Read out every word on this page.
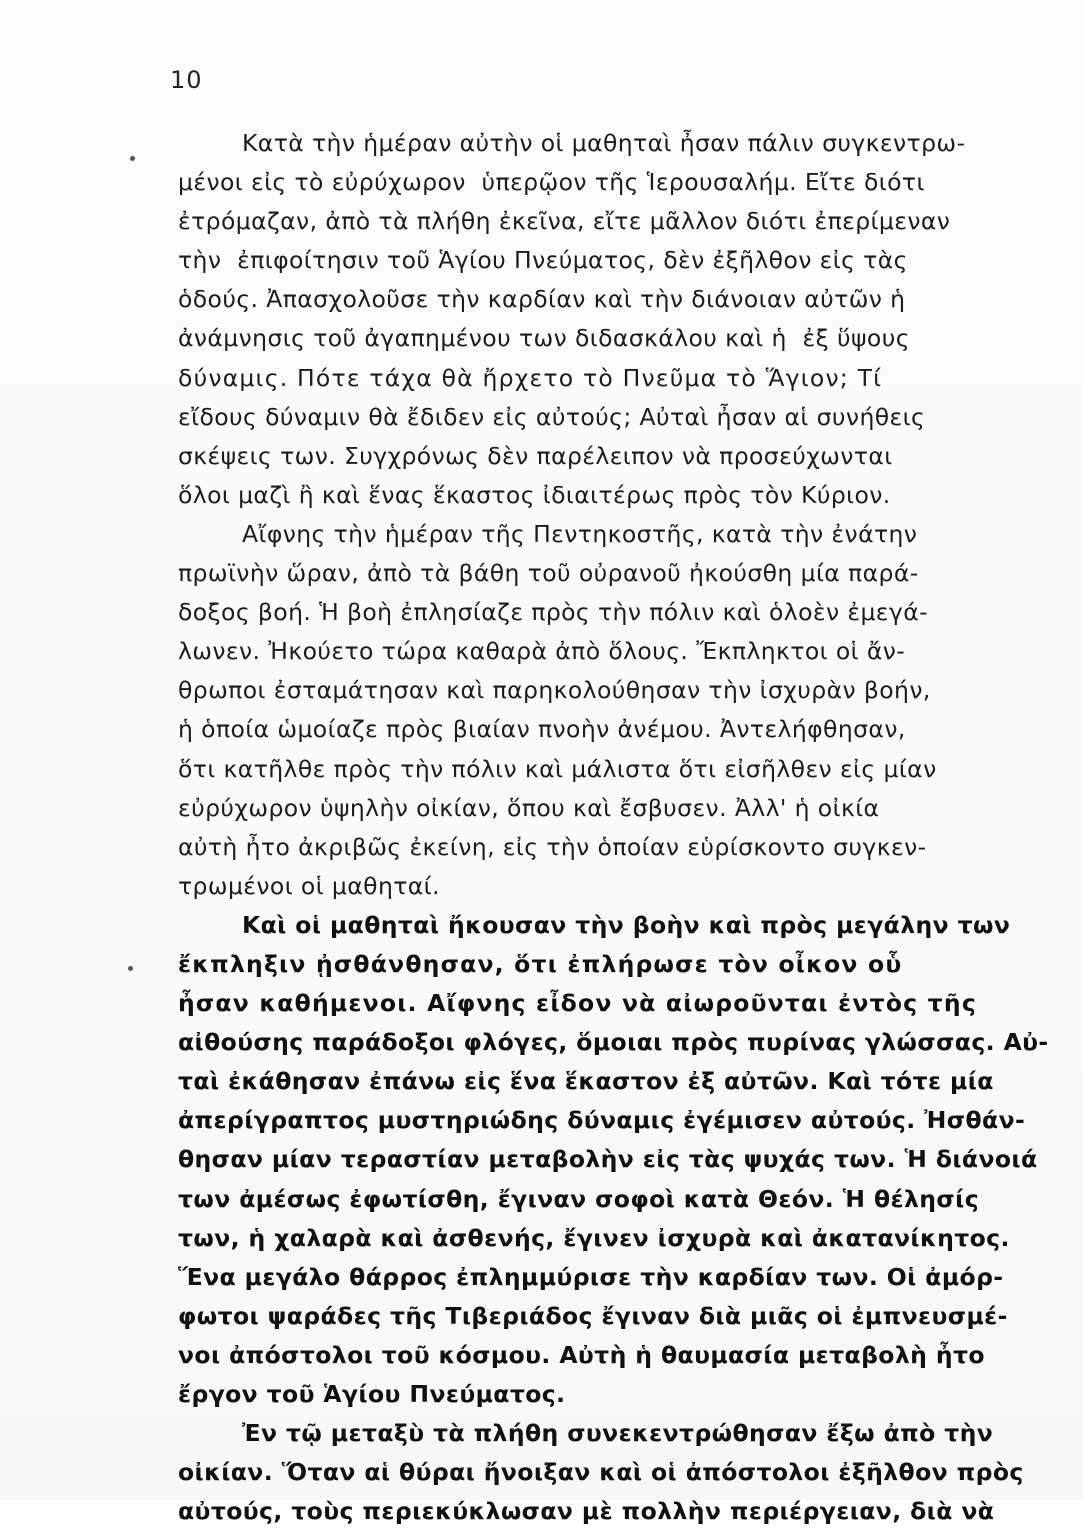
10
Κατὰ τὴν ἡμέραν αὐτὴν οἱ μαθηταὶ ἦσαν πάλιν συγκεντρω-
μένοι εἰς τὸ εὐρύχωρον  ὑπερῷον τῆς Ἱερουσαλήμ. Εἴτε διότι
ἐτρόμαζαν, ἀπὸ τὰ πλήθη ἐκεῖνα, εἴτε μᾶλλον διότι ἐπερίμεναν
τὴν  ἐπιφοίτησιν τοῦ Ἁγίου Πνεύματος, δὲν ἐξῆλθον εἰς τὰς
ὁδούς. Ἀπασχολοῦσε τὴν καρδίαν καὶ τὴν διάνοιαν αὐτῶν ἡ
ἀνάμνησις τοῦ ἀγαπημένου των διδασκάλου καὶ ἡ  ἐξ ὕψους
δύναμις. Πότε τάχα θὰ ἤρχετο τὸ Πνεῦμα τὸ Ἅγιον; Τί
εἴδους δύναμιν θὰ ἔδιδεν εἰς αὐτούς; Αὐταὶ ἦσαν αἱ συνήθεις
σκέψεις των. Συγχρόνως δὲν παρέλειπον νὰ προσεύχωνται
ὅλοι μαζὶ ἢ καὶ ἕνας ἕκαστος ἰδιαιτέρως πρὸς τὸν Κύριον.
Αἴφνης τὴν ἡμέραν τῆς Πεντηκοστῆς, κατὰ τὴν ἐνάτην
πρωϊνὴν ὥραν, ἀπὸ τὰ βάθη τοῦ οὐρανοῦ ἠκούσθη μία παρά-
δοξος βοή. Ἡ βοὴ ἐπλησίαζε πρὸς τὴν πόλιν καὶ ὁλοὲν ἐμεγά-
λωνεν. Ἠκούετο τώρα καθαρὰ ἀπὸ ὅλους. Ἔκπληκτοι οἱ ἄν-
θρωποι ἐσταμάτησαν καὶ παρηκολούθησαν τὴν ἰσχυρὰν βοήν,
ἡ ὁποία ὡμοίαζε πρὸς βιαίαν πνοὴν ἀνέμου. Ἀντελήφθησαν,
ὅτι κατῆλθε πρὸς τὴν πόλιν καὶ μάλιστα ὅτι εἰσῆλθεν εἰς μίαν
εὐρύχωρον ὑψηλὴν οἰκίαν, ὅπου καὶ ἔσβυσεν. Ἀλλ' ἡ οἰκία
αὐτὴ ἦτο ἀκριβῶς ἐκείνη, εἰς τὴν ὁποίαν εὑρίσκοντο συγκεν-
τρωμένοι οἱ μαθηταί.
Καὶ οἱ μαθηταὶ ἤκουσαν τὴν βοὴν καὶ πρὸς μεγάλην των
ἔκπληξιν ᾐσθάνθησαν, ὅτι ἐπλήρωσε τὸν οἶκον οὗ
ἦσαν καθήμενοι. Αἴφνης εἶδον νὰ αἰωροῦνται ἐντὸς τῆς
αἰθούσης παράδοξοι φλόγες, ὅμοιαι πρὸς πυρίνας γλώσσας. Αὐ-
ταὶ ἐκάθησαν ἐπάνω εἰς ἕνα ἕκαστον ἐξ αὐτῶν. Καὶ τότε μία
ἀπερίγραπτος μυστηριώδης δύναμις ἐγέμισεν αὐτούς. Ἠσθάν-
θησαν μίαν τεραστίαν μεταβολὴν εἰς τὰς ψυχάς των. Ἡ διάνοιά
των ἀμέσως ἐφωτίσθη, ἔγιναν σοφοὶ κατὰ Θεόν. Ἡ θέλησίς
των, ἡ χαλαρὰ καὶ ἀσθενής, ἔγινεν ἰσχυρὰ καὶ ἀκατανίκητος.
Ἕνα μεγάλο θάρρος ἐπλημμύρισε τὴν καρδίαν των. Οἱ ἀμόρ-
φωτοι ψαράδες τῆς Τιβεριάδος ἔγιναν διὰ μιᾶς οἱ ἐμπνευσμέ-
νοι ἀπόστολοι τοῦ κόσμου. Αὐτὴ ἡ θαυμασία μεταβολὴ ἦτο
ἔργον τοῦ Ἁγίου Πνεύματος.
Ἐν τῷ μεταξὺ τὰ πλήθη συνεκεντρώθησαν ἔξω ἀπὸ τὴν
οἰκίαν. Ὅταν αἱ θύραι ἤνοιξαν καὶ οἱ ἀπόστολοι ἐξῆλθον πρὸς
αὐτούς, τοὺς περιεκύκλωσαν μὲ πολλὴν περιέργειαν, διὰ νὰ
